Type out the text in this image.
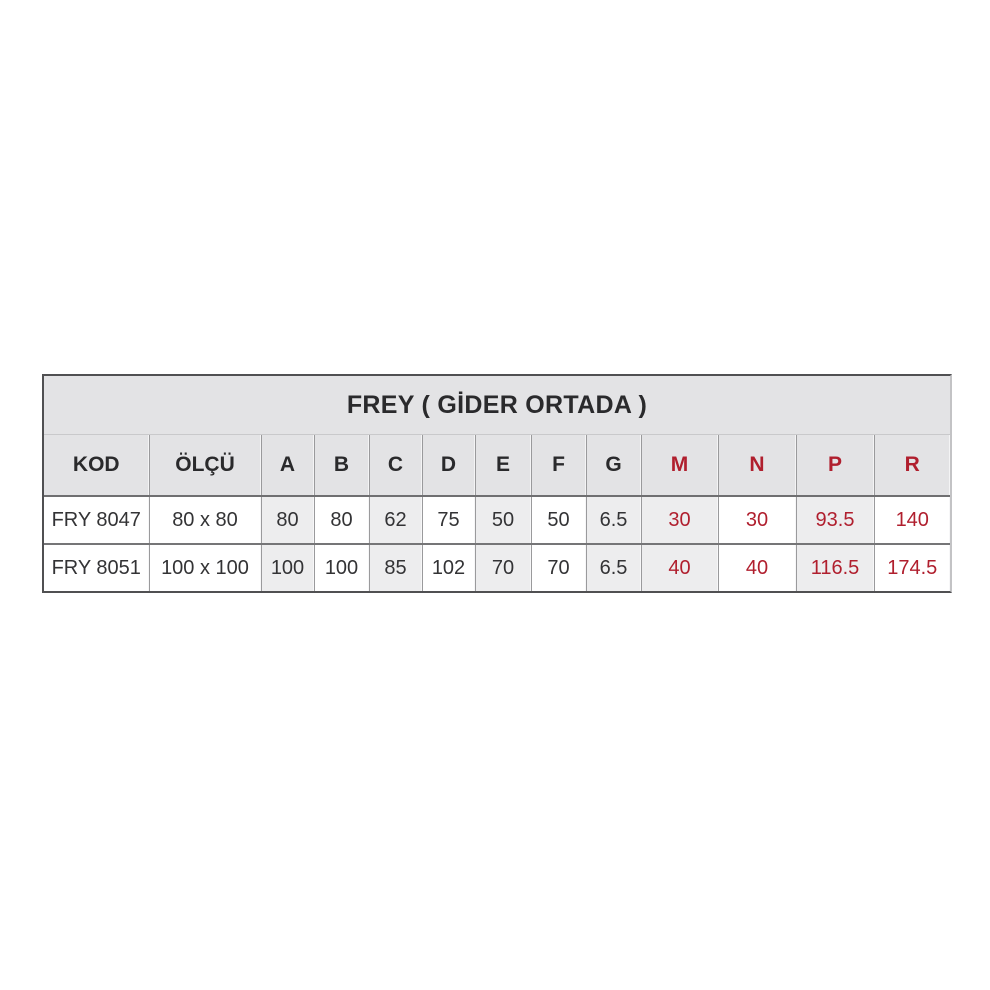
FREY ( GİDER ORTADA )
KOD	ÖLÇÜ	A	B	C	D	E	F	G	M	N	P	R
FRY 8047	80 x 80	80	80	62	75	50	50	6.5	30	30	93.5	140
FRY 8051	100 x 100	100	100	85	102	70	70	6.5	40	40	116.5	174.5
